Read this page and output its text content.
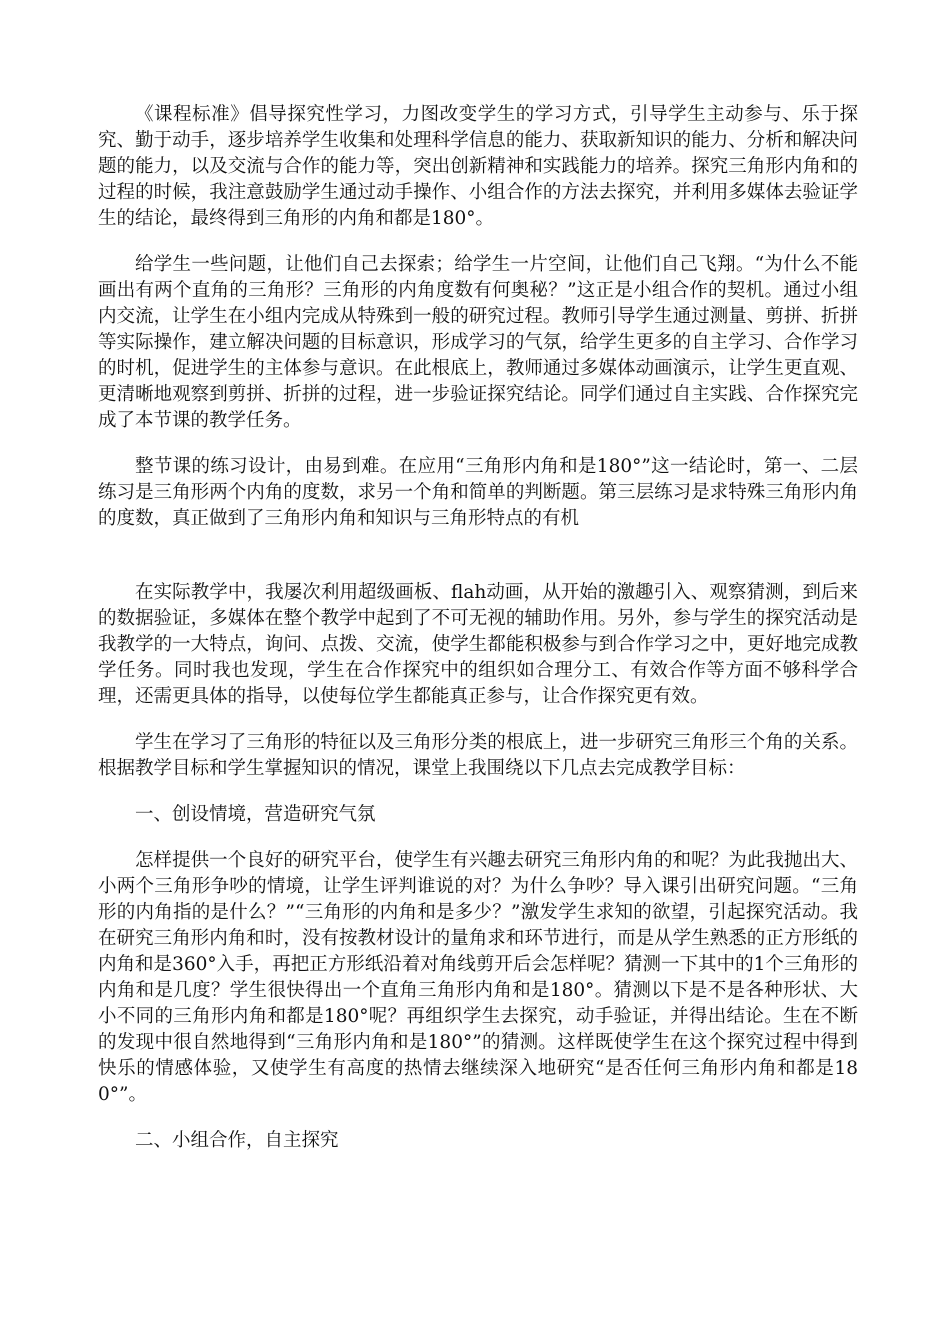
《课程标准》倡导探究性学习，力图改变学生的学习方式，引导学生主动参与、乐于探究、勤于动手，逐步培养学生收集和处理科学信息的能力、获取新知识的能力、分析和解决问题的能力，以及交流与合作的能力等，突出创新精神和实践能力的培养。探究三角形内角和的过程的时候，我注意鼓励学生通过动手操作、小组合作的方法去探究，并利用多媒体去验证学生的结论，最终得到三角形的内角和都是180°。

给学生一些问题，让他们自己去探索；给学生一片空间，让他们自己飞翔。“为什么不能画出有两个直角的三角形？三角形的内角度数有何奥秘？”这正是小组合作的契机。通过小组内交流，让学生在小组内完成从特殊到一般的研究过程。教师引导学生通过测量、剪拼、折拼等实际操作，建立解决问题的目标意识，形成学习的气氛，给学生更多的自主学习、合作学习的时机，促进学生的主体参与意识。在此根底上，教师通过多媒体动画演示，让学生更直观、更清晰地观察到剪拼、折拼的过程，进一步验证探究结论。同学们通过自主实践、合作探究完成了本节课的教学任务。

整节课的练习设计，由易到难。在应用“三角形内角和是180°”这一结论时，第一、二层练习是三角形两个内角的度数，求另一个角和简单的判断题。第三层练习是求特殊三角形内角的度数，真正做到了三角形内角和知识与三角形特点的有机

在实际教学中，我屡次利用超级画板、flah动画，从开始的激趣引入、观察猜测，到后来的数据验证，多媒体在整个教学中起到了不可无视的辅助作用。另外，参与学生的探究活动是我教学的一大特点，询问、点拨、交流，使学生都能积极参与到合作学习之中，更好地完成教学任务。同时我也发现，学生在合作探究中的组织如合理分工、有效合作等方面不够科学合理，还需更具体的指导，以使每位学生都能真正参与，让合作探究更有效。

学生在学习了三角形的特征以及三角形分类的根底上，进一步研究三角形三个角的关系。根据教学目标和学生掌握知识的情况，课堂上我围绕以下几点去完成教学目标：

一、创设情境，营造研究气氛

怎样提供一个良好的研究平台，使学生有兴趣去研究三角形内角的和呢？为此我抛出大、小两个三角形争吵的情境，让学生评判谁说的对？为什么争吵？导入课引出研究问题。“三角形的内角指的是什么？”“三角形的内角和是多少？”激发学生求知的欲望，引起探究活动。我在研究三角形内角和时，没有按教材设计的量角求和环节进行，而是从学生熟悉的正方形纸的内角和是360°入手，再把正方形纸沿着对角线剪开后会怎样呢？猜测一下其中的1个三角形的内角和是几度？学生很快得出一个直角三角形内角和是180°。猜测以下是不是各种形状、大小不同的三角形内角和都是180°呢？再组织学生去探究，动手验证，并得出结论。生在不断的发现中很自然地得到“三角形内角和是180°”的猜测。这样既使学生在这个探究过程中得到快乐的情感体验，又使学生有高度的热情去继续深入地研究“是否任何三角形内角和都是180°”。

二、小组合作，自主探究
